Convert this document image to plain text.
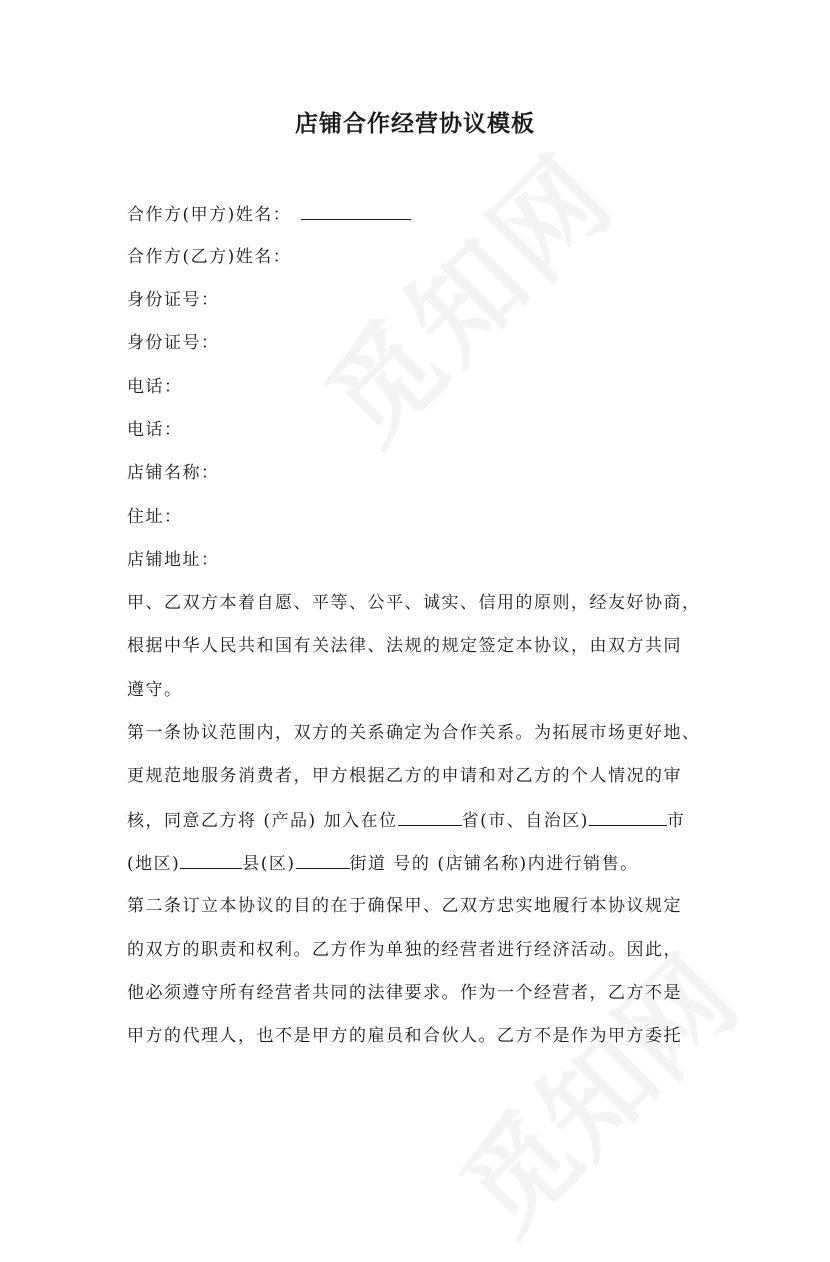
店铺合作经营协议模板
合作方(甲方)姓名：
合作方(乙方)姓名：
身份证号：
身份证号：
电话：
电话：
店铺名称：
住址：
店铺地址：
甲、乙双方本着自愿、平等、公平、诚实、信用的原则，经友好协商，
根据中华人民共和国有关法律、法规的规定签定本协议，由双方共同
遵守。
第一条协议范围内，双方的关系确定为合作关系。为拓展市场更好地、
更规范地服务消费者，甲方根据乙方的申请和对乙方的个人情况的审
核，同意乙方将 (产品) 加入在位	省(市、自治区)	市
(地区)	县(区)	街道 号的 (店铺名称)内进行销售。
第二条订立本协议的目的在于确保甲、乙双方忠实地履行本协议规定
的双方的职责和权利。乙方作为单独的经营者进行经济活动。因此，
他必须遵守所有经营者共同的法律要求。作为一个经营者，乙方不是
甲方的代理人，也不是甲方的雇员和合伙人。乙方不是作为甲方委托
